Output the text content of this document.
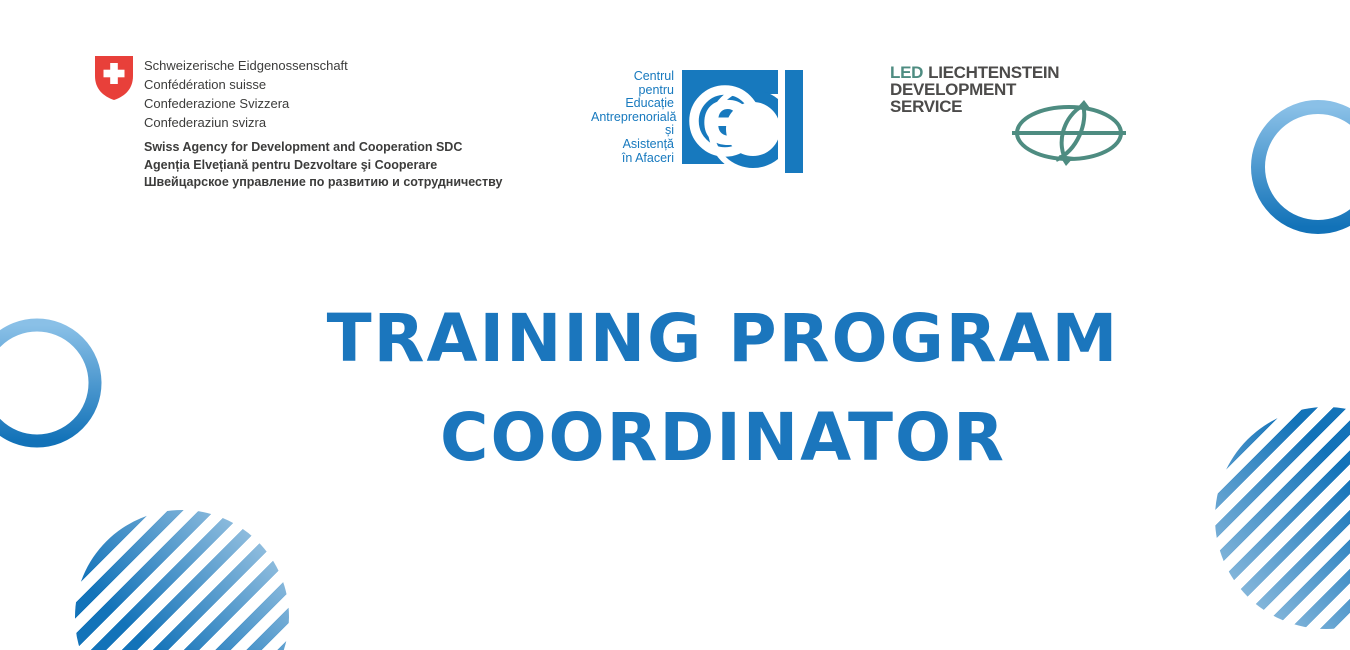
Schweizerische Eidgenossenschaft
Confédération suisse
Confederazione Svizzera
Confederaziun svizra
Swiss Agency for Development and Cooperation SDC
Agenția Elvețiană pentru Dezvoltare şi Cooperare
Швейцарское управление по развитию и сотрудничеству
Centrul
pentru
Educație
Antreprenorială
și
Asistență
în Afaceri e
LED LIECHTENSTEIN
DEVELOPMENT
SERVICE
TRAINING PROGRAM
COORDINATOR
